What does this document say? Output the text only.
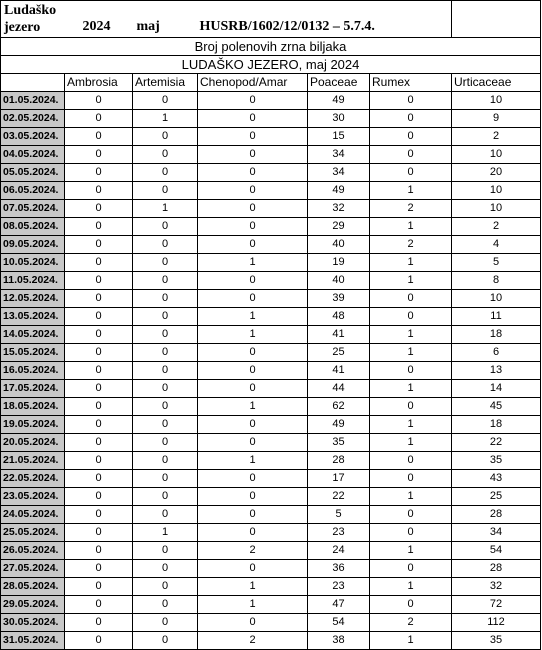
Ludaško
jezero	2024	maj	HUSRB/1602/12/0132 – 5.7.4.			
Broj polenovih zrna biljaka						
LUDAŠKO JEZERO, maj 2024						
	Ambrosia	Artemisia	Chenopod/Amar	Poaceae	Rumex	Urticaceae
01.05.2024.	0	0	0	49	0	10
02.05.2024.	0	1	0	30	0	9
03.05.2024.	0	0	0	15	0	2
04.05.2024.	0	0	0	34	0	10
05.05.2024.	0	0	0	34	0	20
06.05.2024.	0	0	0	49	1	10
07.05.2024.	0	1	0	32	2	10
08.05.2024.	0	0	0	29	1	2
09.05.2024.	0	0	0	40	2	4
10.05.2024.	0	0	1	19	1	5
11.05.2024.	0	0	0	40	1	8
12.05.2024.	0	0	0	39	0	10
13.05.2024.	0	0	1	48	0	11
14.05.2024.	0	0	1	41	1	18
15.05.2024.	0	0	0	25	1	6
16.05.2024.	0	0	0	41	0	13
17.05.2024.	0	0	0	44	1	14
18.05.2024.	0	0	1	62	0	45
19.05.2024.	0	0	0	49	1	18
20.05.2024.	0	0	0	35	1	22
21.05.2024.	0	0	1	28	0	35
22.05.2024.	0	0	0	17	0	43
23.05.2024.	0	0	0	22	1	25
24.05.2024.	0	0	0	5	0	28
25.05.2024.	0	1	0	23	0	34
26.05.2024.	0	0	2	24	1	54
27.05.2024.	0	0	0	36	0	28
28.05.2024.	0	0	1	23	1	32
29.05.2024.	0	0	1	47	0	72
30.05.2024.	0	0	0	54	2	112
31.05.2024.	0	0	2	38	1	35
